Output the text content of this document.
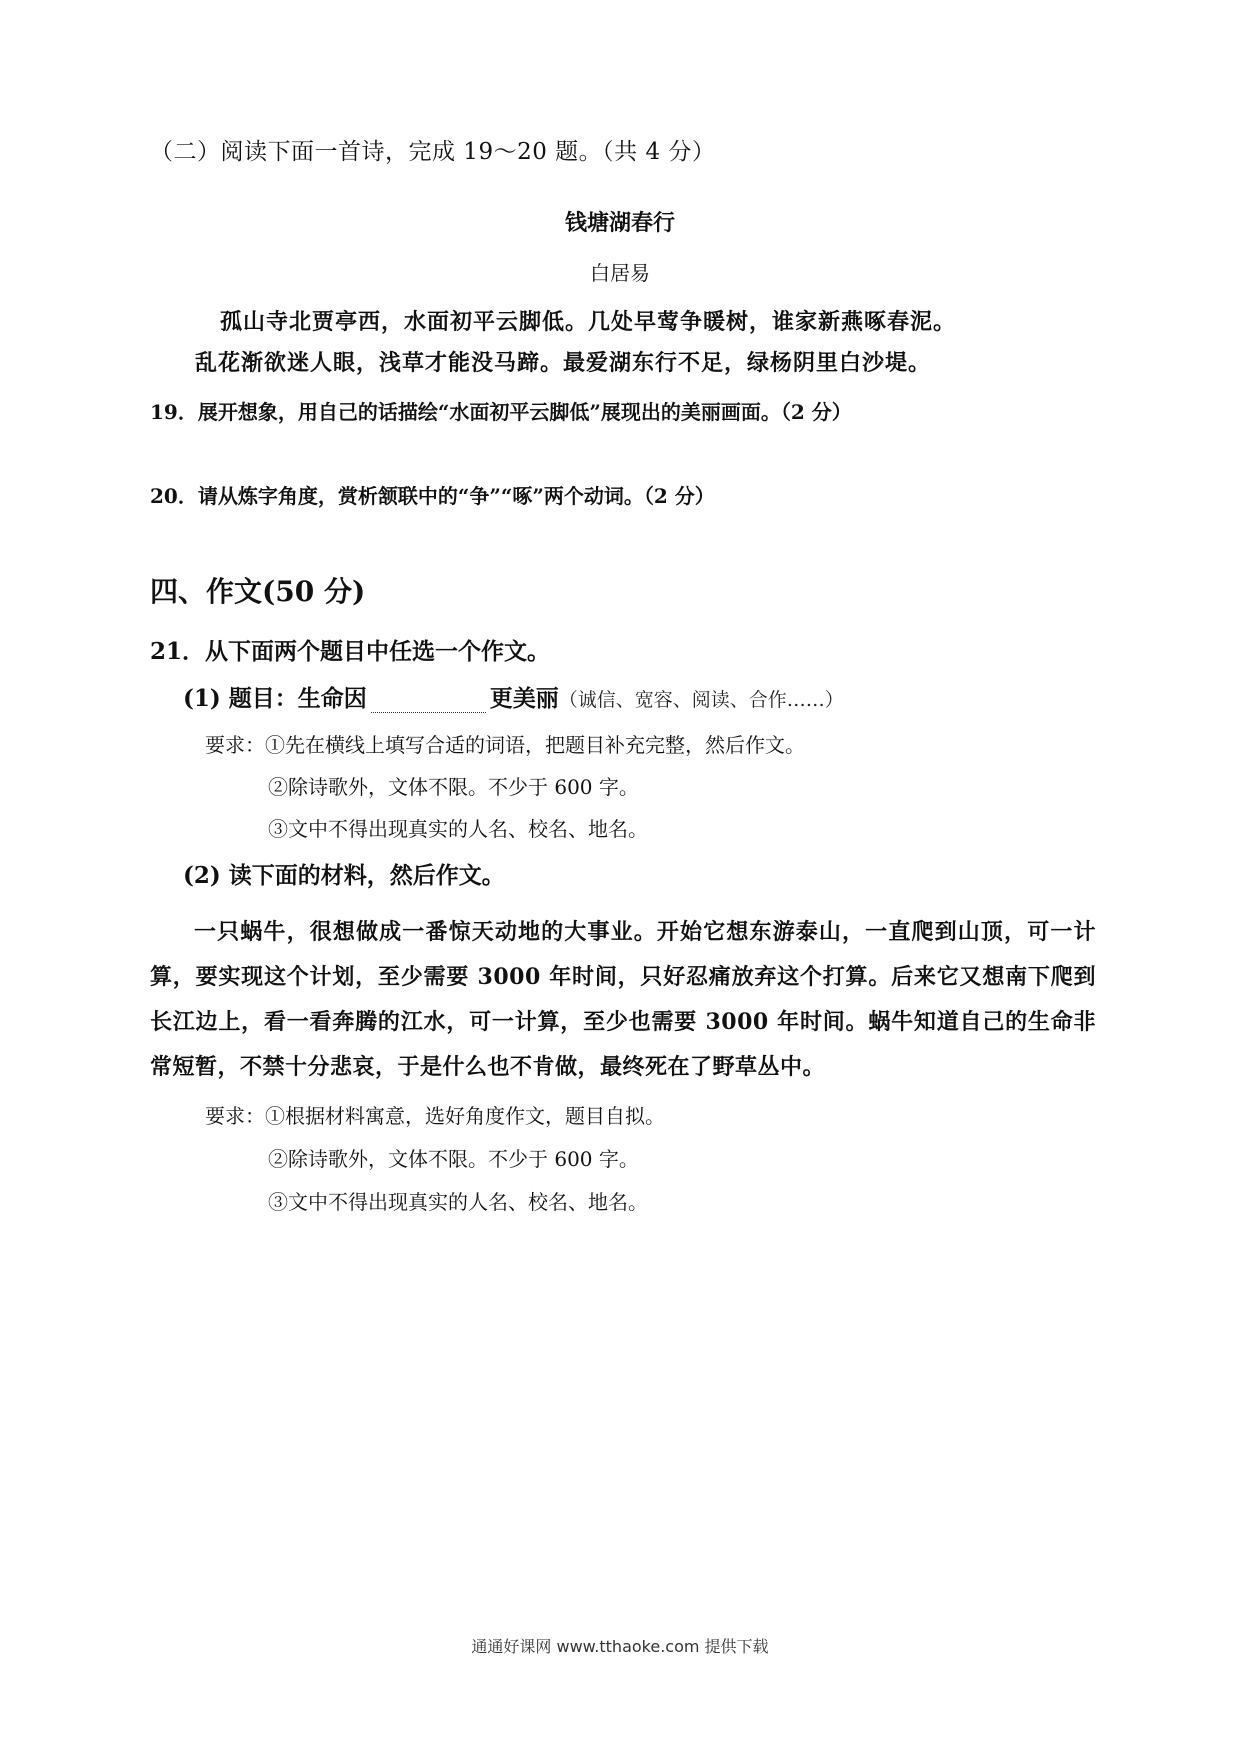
（二）阅读下面一首诗，完成 19～20 题。（共 4 分）
钱塘湖春行
白居易
孤山寺北贾亭西，水面初平云脚低。几处早莺争暖树，谁家新燕啄春泥。
乱花渐欲迷人眼，浅草才能没马蹄。最爱湖东行不足，绿杨阴里白沙堤。
19．展开想象，用自己的话描绘“水面初平云脚低”展现出的美丽画面。（2 分）
20．请从炼字角度，赏析颔联中的“争”“啄”两个动词。（2 分）
四、作文(50 分)
21．从下面两个题目中任选一个作文。
(1) 题目：生命因	更美丽（诚信、宽容、阅读、合作……）
要求：①先在横线上填写合适的词语，把题目补充完整，然后作文。
②除诗歌外，文体不限。不少于 600 字。
③文中不得出现真实的人名、校名、地名。
(2) 读下面的材料，然后作文。
一只蜗牛，很想做成一番惊天动地的大事业。开始它想东游泰山，一直爬到山顶，可一计算，要实现这个计划，至少需要 3000 年时间，只好忍痛放弃这个打算。后来它又想南下爬到长江边上，看一看奔腾的江水，可一计算，至少也需要 3000 年时间。蜗牛知道自己的生命非常短暂，不禁十分悲哀，于是什么也不肯做，最终死在了野草丛中。
要求：①根据材料寓意，选好角度作文，题目自拟。
②除诗歌外，文体不限。不少于 600 字。
③文中不得出现真实的人名、校名、地名。
通通好课网 www.tthaoke.com 提供下载
